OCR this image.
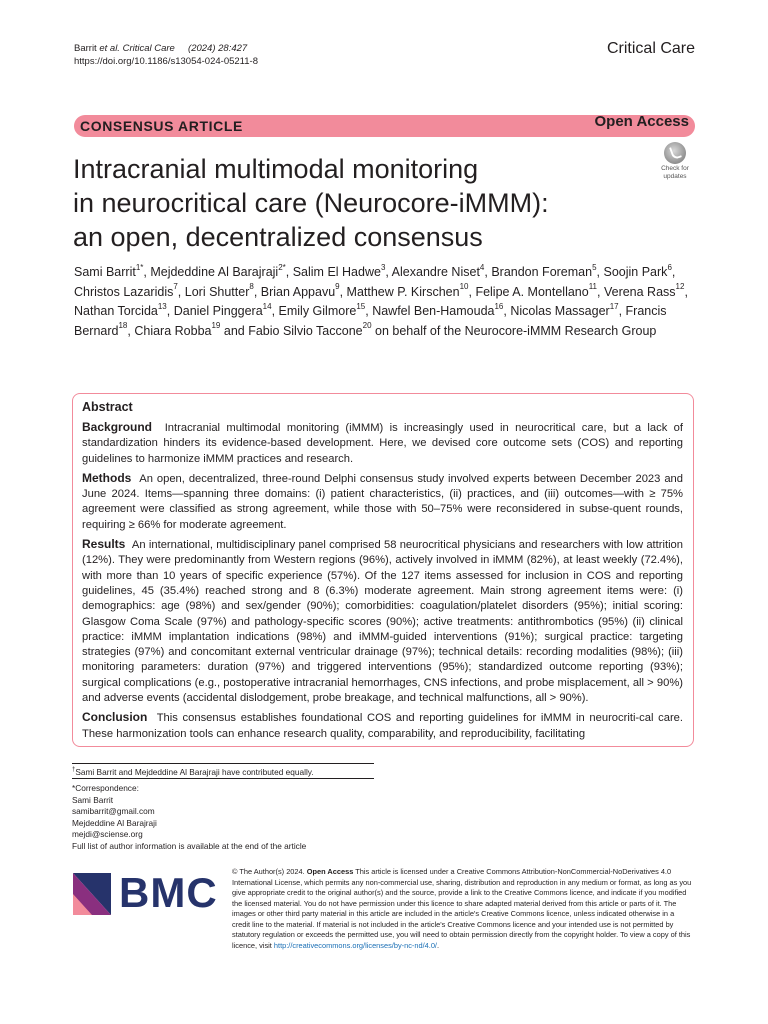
Barrit et al. Critical Care (2024) 28:427
https://doi.org/10.1186/s13054-024-05211-8
Critical Care
CONSENSUS ARTICLE	Open Access
Check for
updates
Intracranial multimodal monitoring
in neurocritical care (Neurocore-iMMM):
an open, decentralized consensus
Sami Barrit$^{1*}$, Mejdeddine Al Barajraji$^{2*}$, Salim El Hadwe$^3$, Alexandre Niset$^4$, Brandon Foreman$^5$, Soojin Park$^6$, Christos Lazaridis$^7$, Lori Shutter$^8$, Brian Appavu$^9$, Matthew P. Kirschen$^{10}$, Felipe A. Montellano$^{11}$, Verena Rass$^{12}$, Nathan Torcida$^{13}$, Daniel Pinggera$^{14}$, Emily Gilmore$^{15}$, Nawfel Ben-Hamouda$^{16}$, Nicolas Massager$^{17}$, Francis Bernard$^{18}$, Chiara Robba$^{19}$ and Fabio Silvio Taccone$^{20}$ on behalf of the Neurocore-iMMM Research Group
Abstract

Background Intracranial multimodal monitoring (iMMM) is increasingly used in neurocritical care, but a lack of standardization hinders its evidence-based development. Here, we devised core outcome sets (COS) and reporting guidelines to harmonize iMMM practices and research.

Methods An open, decentralized, three-round Delphi consensus study involved experts between December 2023 and June 2024. Items—spanning three domains: (i) patient characteristics, (ii) practices, and (iii) outcomes—with ≥ 75% agreement were classified as strong agreement, while those with 50–75% were reconsidered in subse-quent rounds, requiring ≥ 66% for moderate agreement.

Results An international, multidisciplinary panel comprised 58 neurocritical physicians and researchers with low attrition (12%). They were predominantly from Western regions (96%), actively involved in iMMM (82%), at least weekly (72.4%), with more than 10 years of specific experience (57%). Of the 127 items assessed for inclusion in COS and reporting guidelines, 45 (35.4%) reached strong and 8 (6.3%) moderate agreement. Main strong agreement items were: (i) demographics: age (98%) and sex/gender (90%); comorbidities: coagulation/platelet disorders (95%); initial scoring: Glasgow Coma Scale (97%) and pathology-specific scores (90%); active treatments: antithrombotics (95%) (ii) clinical practice: iMMM implantation indications (98%) and iMMM-guided interventions (91%); surgical practice: targeting strategies (97%) and concomitant external ventricular drainage (97%); technical details: recording modalities (98%); (iii) monitoring parameters: duration (97%) and triggered interventions (95%); standardized outcome reporting (93%); surgical complications (e.g., postoperative intracranial hemorrhages, CNS infections, and probe misplacement, all > 90%) and adverse events (accidental dislodgement, probe breakage, and technical malfunctions, all > 90%).

Conclusion This consensus establishes foundational COS and reporting guidelines for iMMM in neurocriti-cal care. These harmonization tools can enhance research quality, comparability, and reproducibility, facilitating

†Sami Barrit and Mejdeddine Al Barajraji have contributed equally.
*Correspondence:
Sami Barrit
samibarrit@gmail.com
Mejdeddine Al Barajraji
mejdi@sciense.org
Full list of author information is available at the end of the article
BMC © The Author(s) 2024. Open Access This article is licensed under a Creative Commons Attribution-NonCommercial-NoDerivatives 4.0 International License, which permits any non-commercial use, sharing, distribution and reproduction in any medium or format, as long as you give appropriate credit to the original author(s) and the source, provide a link to the Creative Commons licence, and indicate if you modified the licensed material. You do not have permission under this licence to share adapted material derived from this article or parts of it. The images or other third party material in this article are included in the article's Creative Commons licence, unless indicated otherwise in a credit line to the material. If material is not included in the article's Creative Commons licence and your intended use is not permitted by statutory regulation or exceeds the permitted use, you will need to obtain permission directly from the copyright holder. To view a copy of this licence, visit http://creativecommons.org/licenses/by-nc-nd/4.0/.
